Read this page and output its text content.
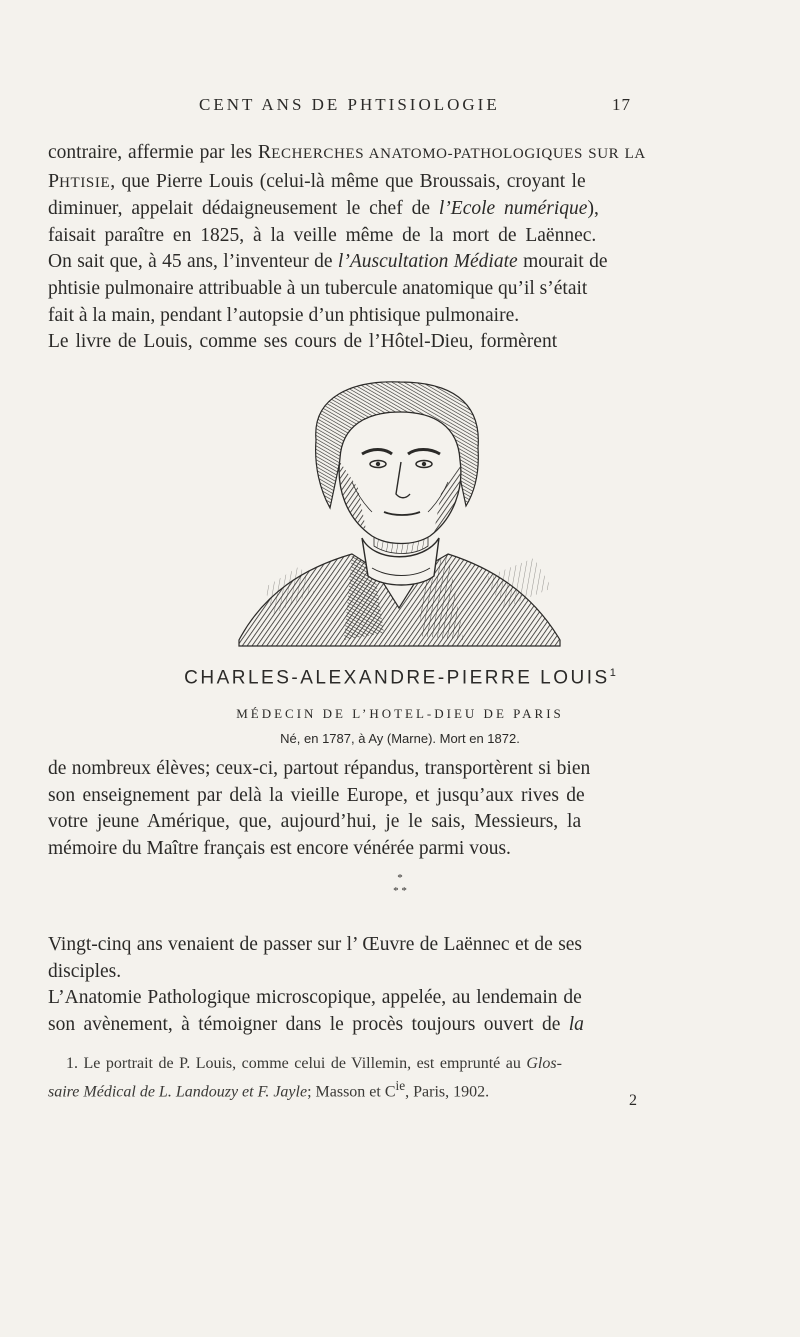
CENT ANS DE PHTISIOLOGIE	17
contraire, affermie par les RECHERCHES ANATOMO-PATHOLOGIQUES SUR LA
PHTISIE, que Pierre Louis (celui-là même que Broussais, croyant le
diminuer, appelait dédaigneusement le chef de l’Ecole numérique),
faisait paraître en 1825, à la veille même de la mort de Laënnec.
On sait que, à 45 ans, l’inventeur de l’Auscultation Médiate mourait de
phtisie pulmonaire attribuable à un tubercule anatomique qu’il s’était
fait à la main, pendant l’autopsie d’un phtisique pulmonaire.
Le livre de Louis, comme ses cours de l’Hôtel-Dieu, formèrent
CHARLES-ALEXANDRE-PIERRE LOUIS$^1$
MÉDECIN DE L’HOTEL-DIEU DE PARIS
Né, en 1787, à Ay (Marne). Mort en 1872.
de nombreux élèves; ceux-ci, partout répandus, transportèrent si bien
son enseignement par delà la vieille Europe, et jusqu’aux rives de
votre jeune Amérique, que, aujourd’hui, je le sais, Messieurs, la
mémoire du Maître français est encore vénérée parmi vous.
*
* *
Vingt-cinq ans venaient de passer sur l’ Œuvre de Laënnec et de ses
disciples.
L’Anatomie Pathologique microscopique, appelée, au lendemain de
son avènement, à témoigner dans le procès toujours ouvert de la
1. Le portrait de P. Louis, comme celui de Villemin, est emprunté au Glos-
saire Médical de L. Landouzy et F. Jayle; Masson et $C^{ie}$, Paris, 1902.
2
